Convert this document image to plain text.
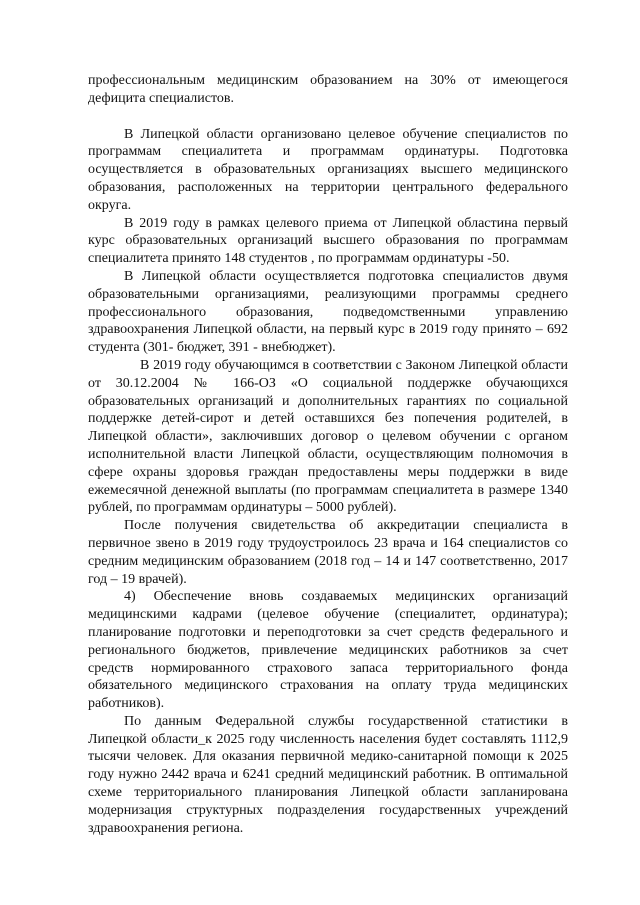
профессиональным медицинским образованием на 30% от имеющегося дефицита специалистов.

В Липецкой области организовано целевое обучение специалистов по программам специалитета и программам ординатуры. Подготовка осуществляется в образовательных организациях высшего медицинского образования, расположенных на территории центрального федерального округа.

В 2019 году в рамках целевого приема от Липецкой областина первый курс образовательных организаций высшего образования по программам специалитета принято 148 студентов , по программам ординатуры -50.

В Липецкой области осуществляется подготовка специалистов двумя образовательными организациями, реализующими программы среднего профессионального образования, подведомственными управлению здравоохранения Липецкой области, на первый курс в 2019 году принято – 692 студента (301- бюджет, 391 - внебюджет).

В 2019 году обучающимся в соответствии с Законом Липецкой области от 30.12.2004 № 166-ОЗ «О социальной поддержке обучающихся образовательных организаций и дополнительных гарантиях по социальной поддержке детей-сирот и детей оставшихся без попечения родителей, в Липецкой области», заключивших договор о целевом обучении с органом исполнительной власти Липецкой области, осуществляющим полномочия в сфере охраны здоровья граждан предоставлены меры поддержки в виде ежемесячной денежной выплаты (по программам специалитета в размере 1340 рублей, по программам ординатуры – 5000 рублей).

После получения свидетельства об аккредитации специалиста в первичное звено в 2019 году трудоустроилось 23 врача и 164 специалистов со средним медицинским образованием (2018 год – 14 и 147 соответственно, 2017 год – 19 врачей).

4) Обеспечение вновь создаваемых медицинских организаций медицинскими кадрами (целевое обучение (специалитет, ординатура); планирование подготовки и переподготовки за счет средств федерального и регионального бюджетов, привлечение медицинских работников за счет средств нормированного страхового запаса территориального фонда обязательного медицинского страхования на оплату труда медицинских работников).

По данным Федеральной службы государственной статистики в Липецкой области_к 2025 году численность населения будет составлять 1112,9 тысячи человек. Для оказания первичной медико-санитарной помощи к 2025 году нужно 2442 врача и 6241 средний медицинский работник. В оптимальной схеме территориального планирования Липецкой области запланирована модернизация структурных подразделения государственных учреждений здравоохранения региона.
